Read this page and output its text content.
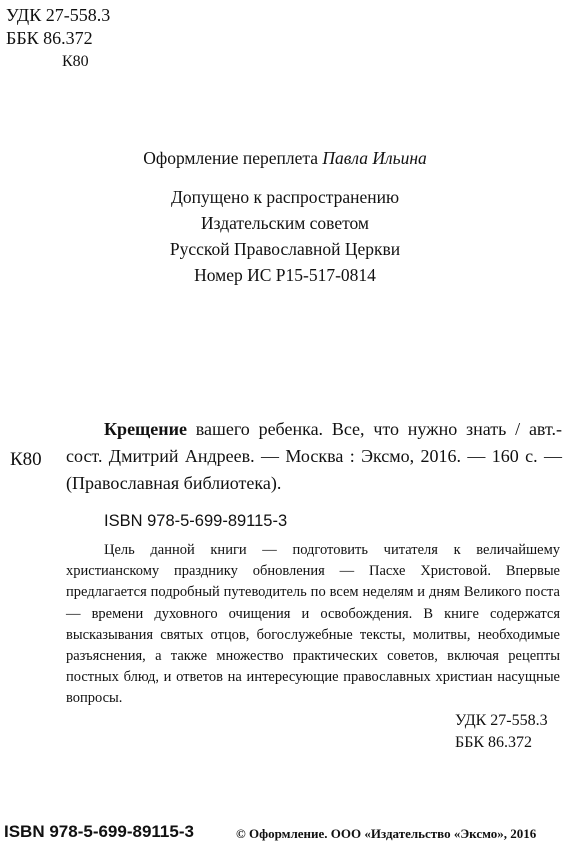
УДК 27-558.3
ББК 86.372
К80
Оформление переплета Павла Ильина
Допущено к распространению
Издательским советом
Русской Православной Церкви
Номер ИС Р15-517-0814
К80
Крещение вашего ребенка. Все, что нужно знать / авт.-сост. Дмитрий Андреев. — Москва : Эксмо, 2016. — 160 с. — (Православная библиотека).
ISBN 978-5-699-89115-3
Цель данной книги — подготовить читателя к величайшему христианскому празднику обновления — Пасхе Христовой. Впервые предлагается подробный путеводитель по всем неделям и дням Великого поста — времени духовного очищения и освобождения. В книге содержатся высказывания святых отцов, богослужебные тексты, молитвы, необходимые разъяснения, а также множество практических советов, включая рецепты постных блюд, и ответов на интересующие православных христиан насущные вопросы.
УДК 27-558.3
ББК 86.372
ISBN 978-5-699-89115-3	© Оформление. ООО «Издательство «Эксмо», 2016
